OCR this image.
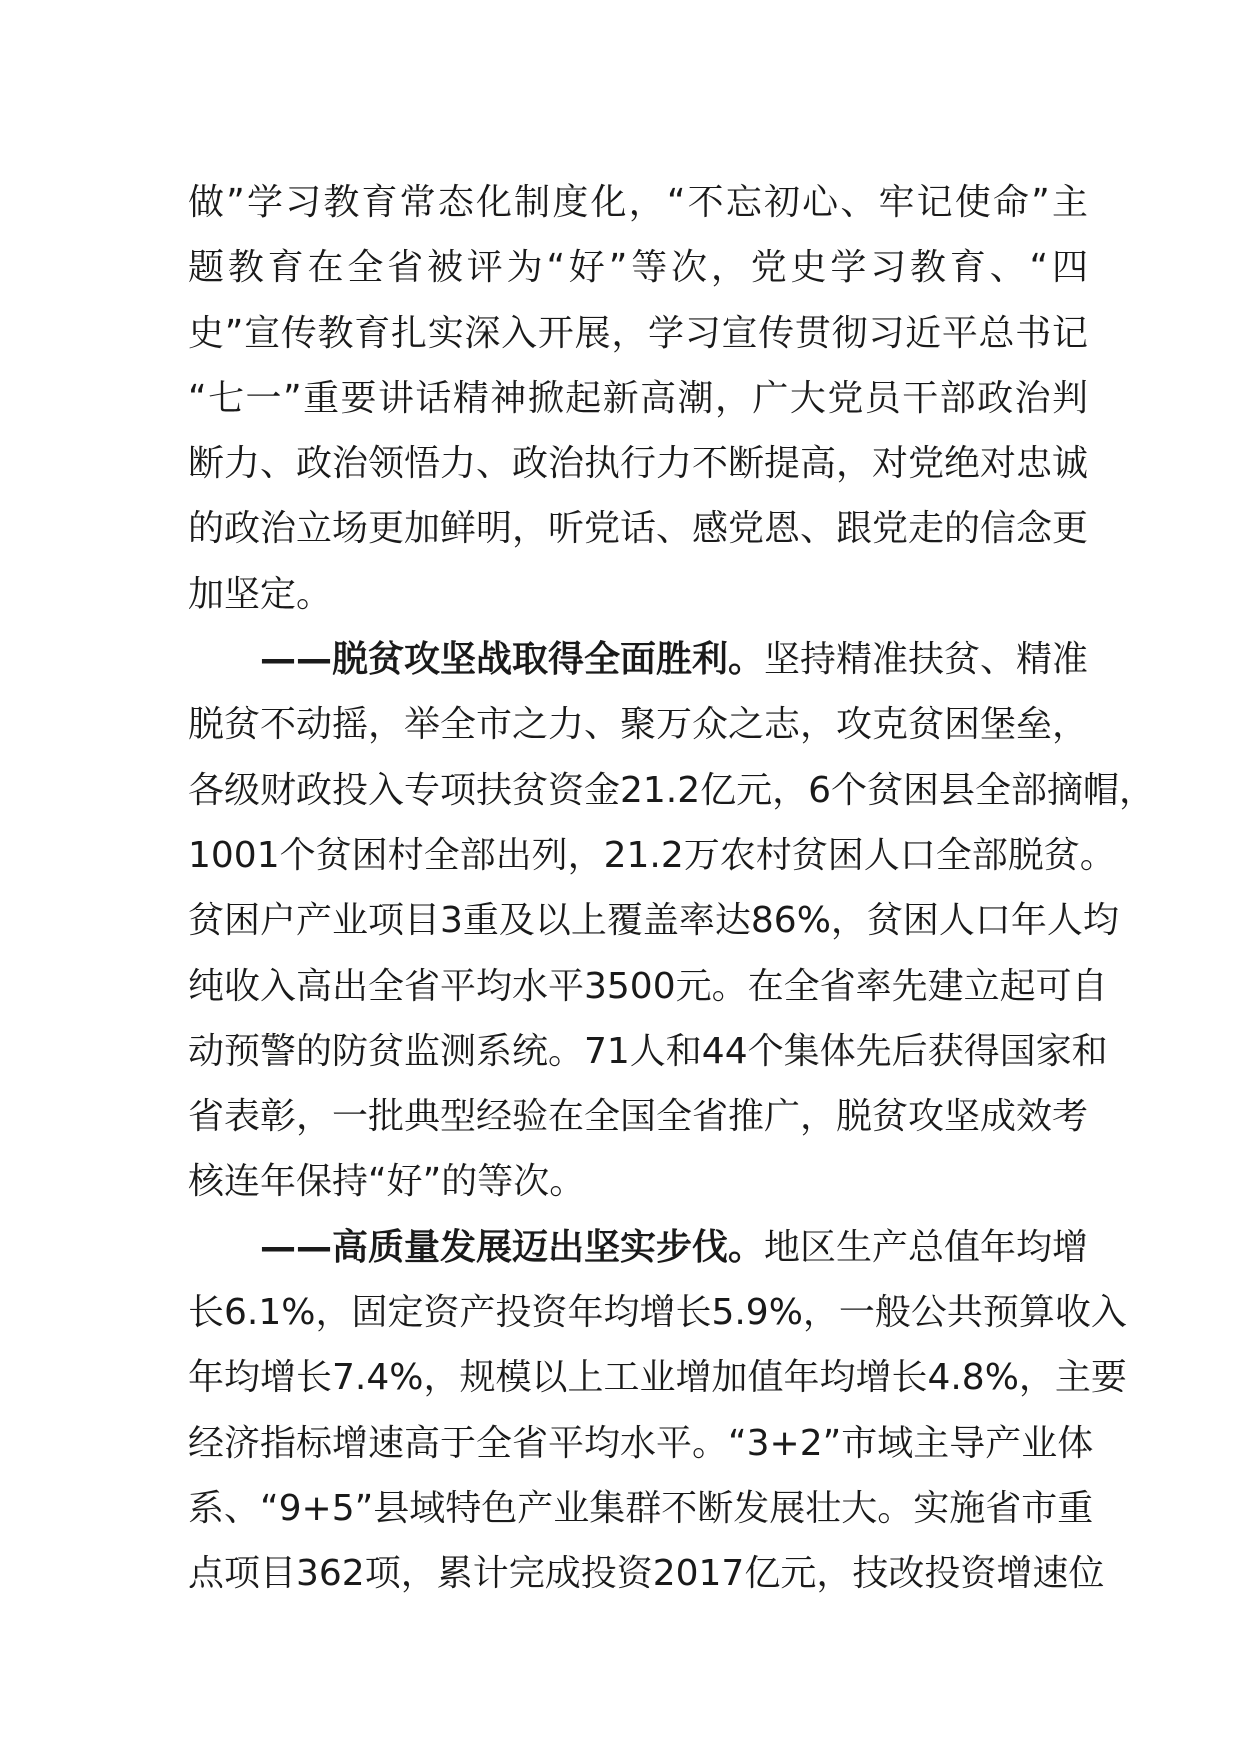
做”学习教育常态化制度化，“不忘初心、牢记使命”主
题教育在全省被评为“好”等次，党史学习教育、“四
史”宣传教育扎实深入开展，学习宣传贯彻习近平总书记
“七一”重要讲话精神掀起新高潮，广大党员干部政治判
断力、政治领悟力、政治执行力不断提高，对党绝对忠诚
的政治立场更加鲜明，听党话、感党恩、跟党走的信念更
加坚定。
——脱贫攻坚战取得全面胜利。坚持精准扶贫、精准
脱贫不动摇，举全市之力、聚万众之志，攻克贫困堡垒，
各级财政投入专项扶贫资金21.2亿元，6个贫困县全部摘帽，
1001个贫困村全部出列，21.2万农村贫困人口全部脱贫。
贫困户产业项目3重及以上覆盖率达86%，贫困人口年人均
纯收入高出全省平均水平3500元。在全省率先建立起可自
动预警的防贫监测系统。71人和44个集体先后获得国家和
省表彰，一批典型经验在全国全省推广，脱贫攻坚成效考
核连年保持“好”的等次。
——高质量发展迈出坚实步伐。地区生产总值年均增
长6.1%，固定资产投资年均增长5.9%，一般公共预算收入
年均增长7.4%，规模以上工业增加值年均增长4.8%，主要
经济指标增速高于全省平均水平。“3+2”市域主导产业体
系、“9+5”县域特色产业集群不断发展壮大。实施省市重
点项目362项，累计完成投资2017亿元，技改投资增速位
